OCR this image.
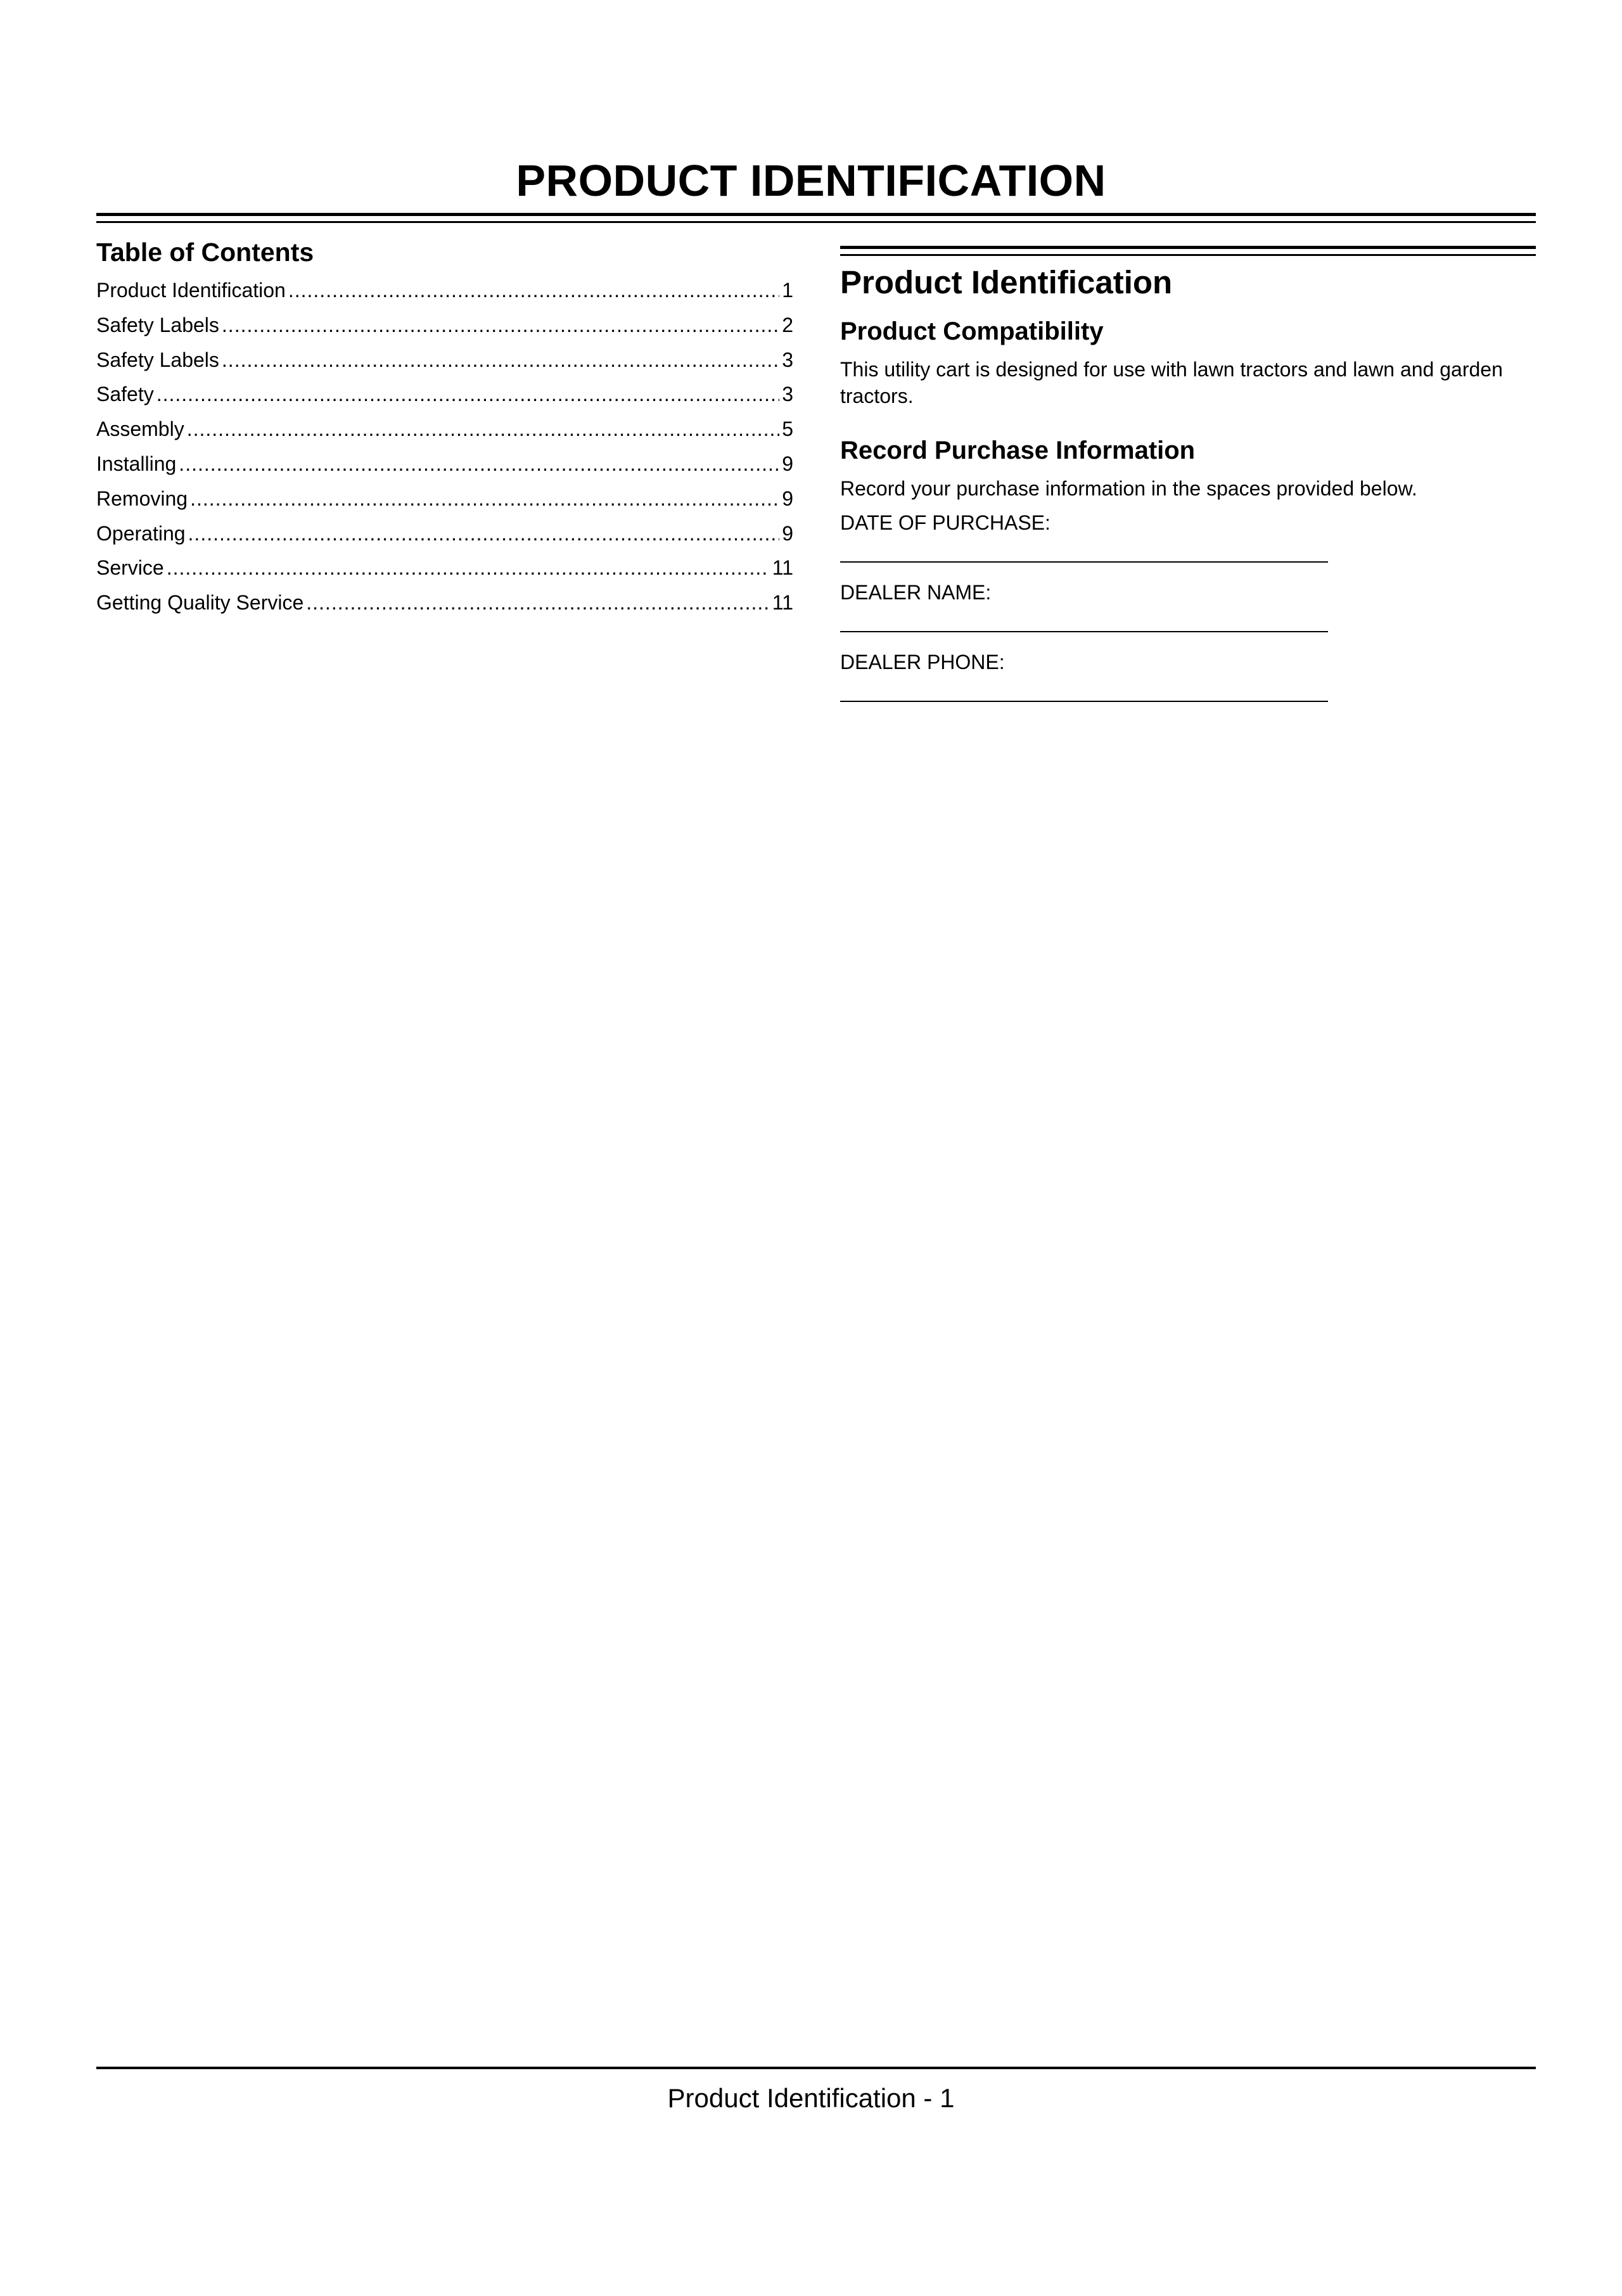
PRODUCT IDENTIFICATION
Table of Contents
Product Identification .....	1
Safety Labels .....	2
Safety Labels .....	3
Safety .....	3
Assembly .....	5
Installing .....	9
Removing .....	9
Operating .....	9
Service .....	11
Getting Quality Service .....	11
Product Identification
Product Compatibility

This utility cart is designed for use with lawn tractors and lawn and garden tractors.

Record Purchase Information

Record your purchase information in the spaces provided below.

DATE OF PURCHASE:
DEALER NAME:
DEALER PHONE:
Product Identification - 1
